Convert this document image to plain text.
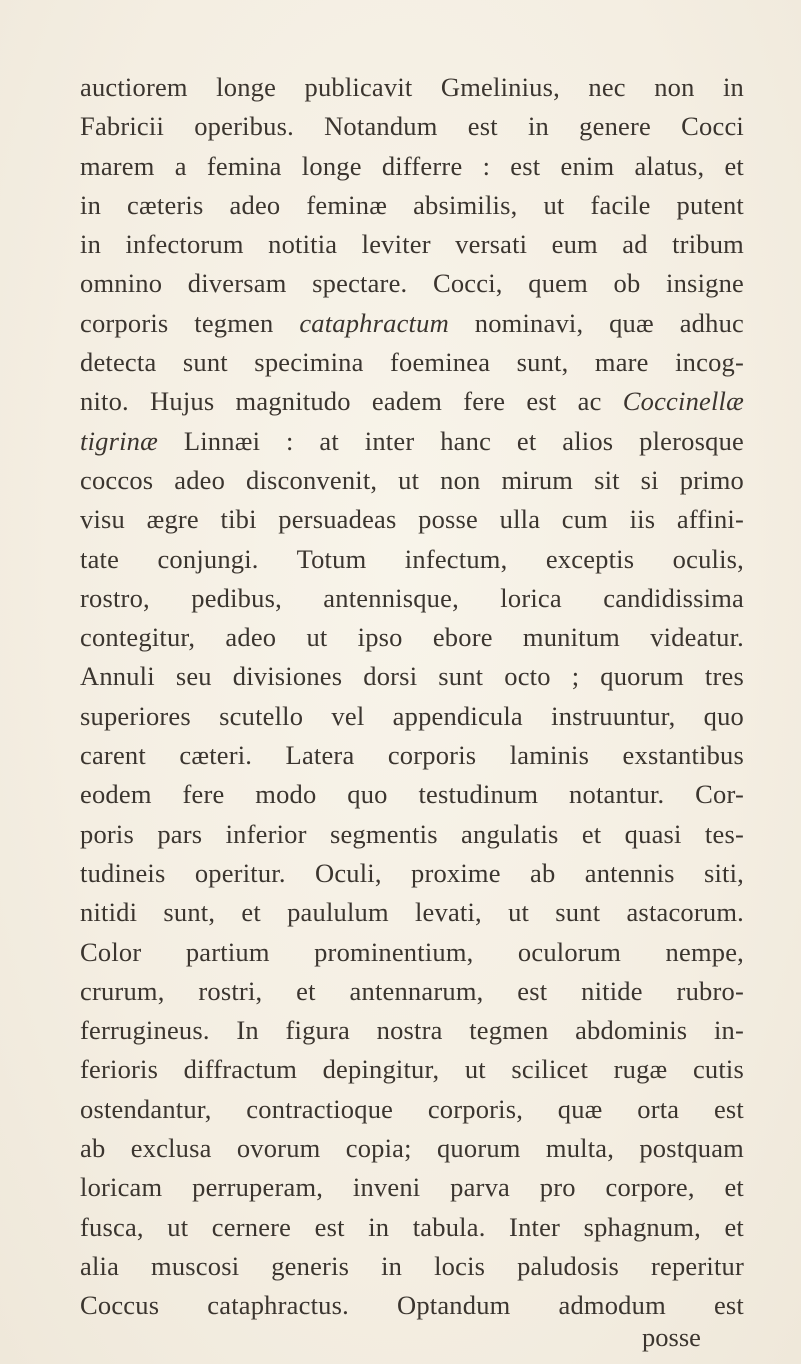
auctiorem longe publicavit Gmelinius, nec non in
Fabricii operibus. Notandum est in genere Cocci
marem a femina longe differre : est enim alatus, et
in cæteris adeo feminæ absimilis, ut facile putent
in infectorum notitia leviter versati eum ad tribum
omnino diversam spectare. Cocci, quem ob insigne
corporis tegmen cataphractum nominavi, quæ adhuc
detecta sunt specimina foeminea sunt, mare incog-
nito. Hujus magnitudo eadem fere est ac Coccinellæ
tigrinæ Linnæi : at inter hanc et alios plerosque
coccos adeo disconvenit, ut non mirum sit si primo
visu ægre tibi persuadeas posse ulla cum iis affini-
tate conjungi. Totum infectum, exceptis oculis,
rostro, pedibus, antennisque, lorica candidissima
contegitur, adeo ut ipso ebore munitum videatur.
Annuli seu divisiones dorsi sunt octo ; quorum tres
superiores scutello vel appendicula instruuntur, quo
carent cæteri. Latera corporis laminis exstantibus
eodem fere modo quo testudinum notantur. Cor-
poris pars inferior segmentis angulatis et quasi tes-
tudineis operitur. Oculi, proxime ab antennis siti,
nitidi sunt, et paululum levati, ut sunt astacorum.
Color partium prominentium, oculorum nempe,
crurum, rostri, et antennarum, est nitide rubro-
ferrugineus. In figura nostra tegmen abdominis in-
ferioris diffractum depingitur, ut scilicet rugæ cutis
ostendantur, contractioque corporis, quæ orta est
ab exclusa ovorum copia; quorum multa, postquam
loricam perruperam, inveni parva pro corpore, et
fusca, ut cernere est in tabula. Inter sphagnum, et
alia muscosi generis in locis paludosis reperitur
Coccus cataphractus. Optandum admodum est
posse
